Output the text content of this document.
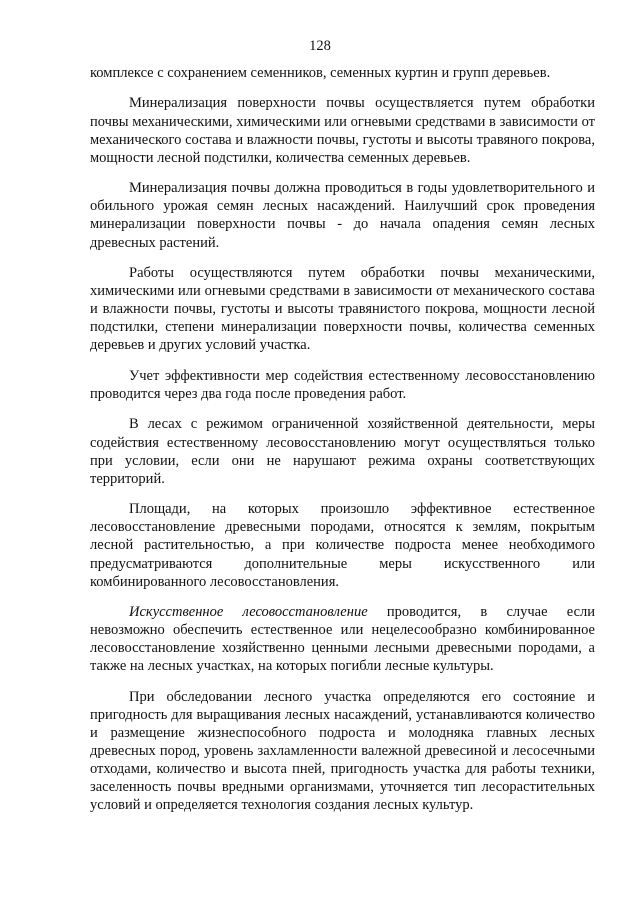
128

комплексе с сохранением семенников, семенных куртин и групп деревьев.

Минерализация поверхности почвы осуществляется путем обработки почвы механическими, химическими или огневыми средствами в зависимости от механического состава и влажности почвы, густоты и высоты травяного покрова, мощности лесной подстилки, количества семенных деревьев.

Минерализация почвы должна проводиться в годы удовлетворительного и обильного урожая семян лесных насаждений. Наилучший срок проведения минерализации поверхности почвы - до начала опадения семян лесных древесных растений.

Работы осуществляются путем обработки почвы механическими, химическими или огневыми средствами в зависимости от механического состава и влажности почвы, густоты и высоты травянистого покрова, мощности лесной подстилки, степени минерализации поверхности почвы, количества семенных деревьев и других условий участка.

Учет эффективности мер содействия естественному лесовосстановлению проводится через два года после проведения работ.

В лесах с режимом ограниченной хозяйственной деятельности, меры содействия естественному лесовосстановлению могут осуществляться только при условии, если они не нарушают режима охраны соответствующих территорий.

Площади, на которых произошло эффективное естественное лесовосстановление древесными породами, относятся к землям, покрытым лесной растительностью, а при количестве подроста менее необходимого предусматриваются дополнительные меры искусственного или комбинированного лесовосстановления.

Искусственное лесовосстановление проводится, в случае если невозможно обеспечить естественное или нецелесообразно комбинированное лесовосстановление хозяйственно ценными лесными древесными породами, а также на лесных участках, на которых погибли лесные культуры.

При обследовании лесного участка определяются его состояние и пригодность для выращивания лесных насаждений, устанавливаются количество и размещение жизнеспособного подроста и молодняка главных лесных древесных пород, уровень захламленности валежной древесиной и лесосечными отходами, количество и высота пней, пригодность участка для работы техники, заселенность почвы вредными организмами, уточняется тип лесорастительных условий и определяется технология создания лесных культур.
